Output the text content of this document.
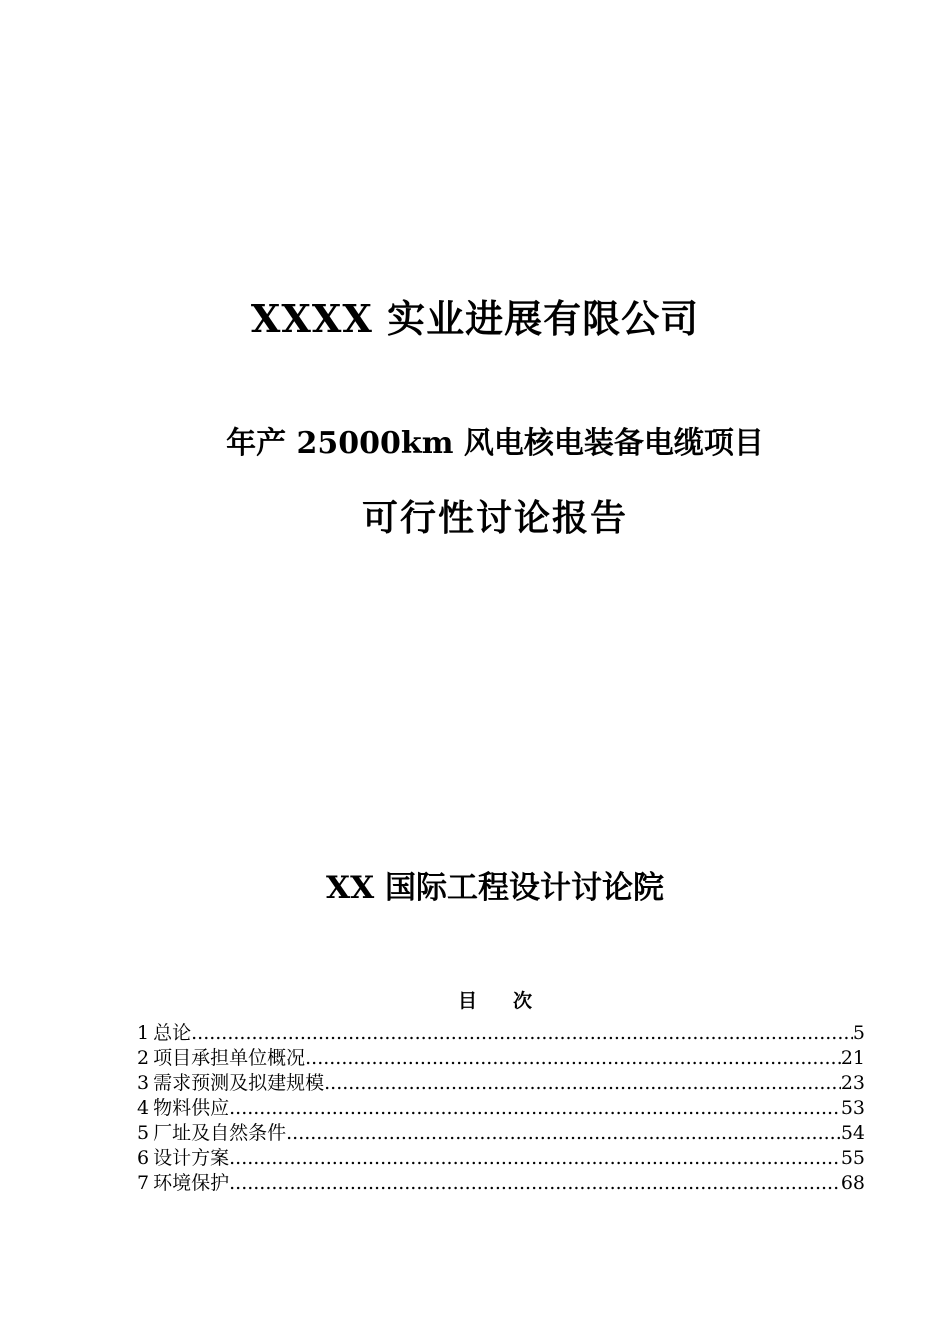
XXXX 实业进展有限公司
年产 25000km 风电核电装备电缆项目
可行性讨论报告
XX 国际工程设计讨论院
目 次
1 总论 .....	5
2 项目承担单位概况 .....	21
3 需求预测及拟建规模 .....	23
4 物料供应 .....	53
5 厂址及自然条件 .....	54
6 设计方案 .....	55
7 环境保护 .....	68
